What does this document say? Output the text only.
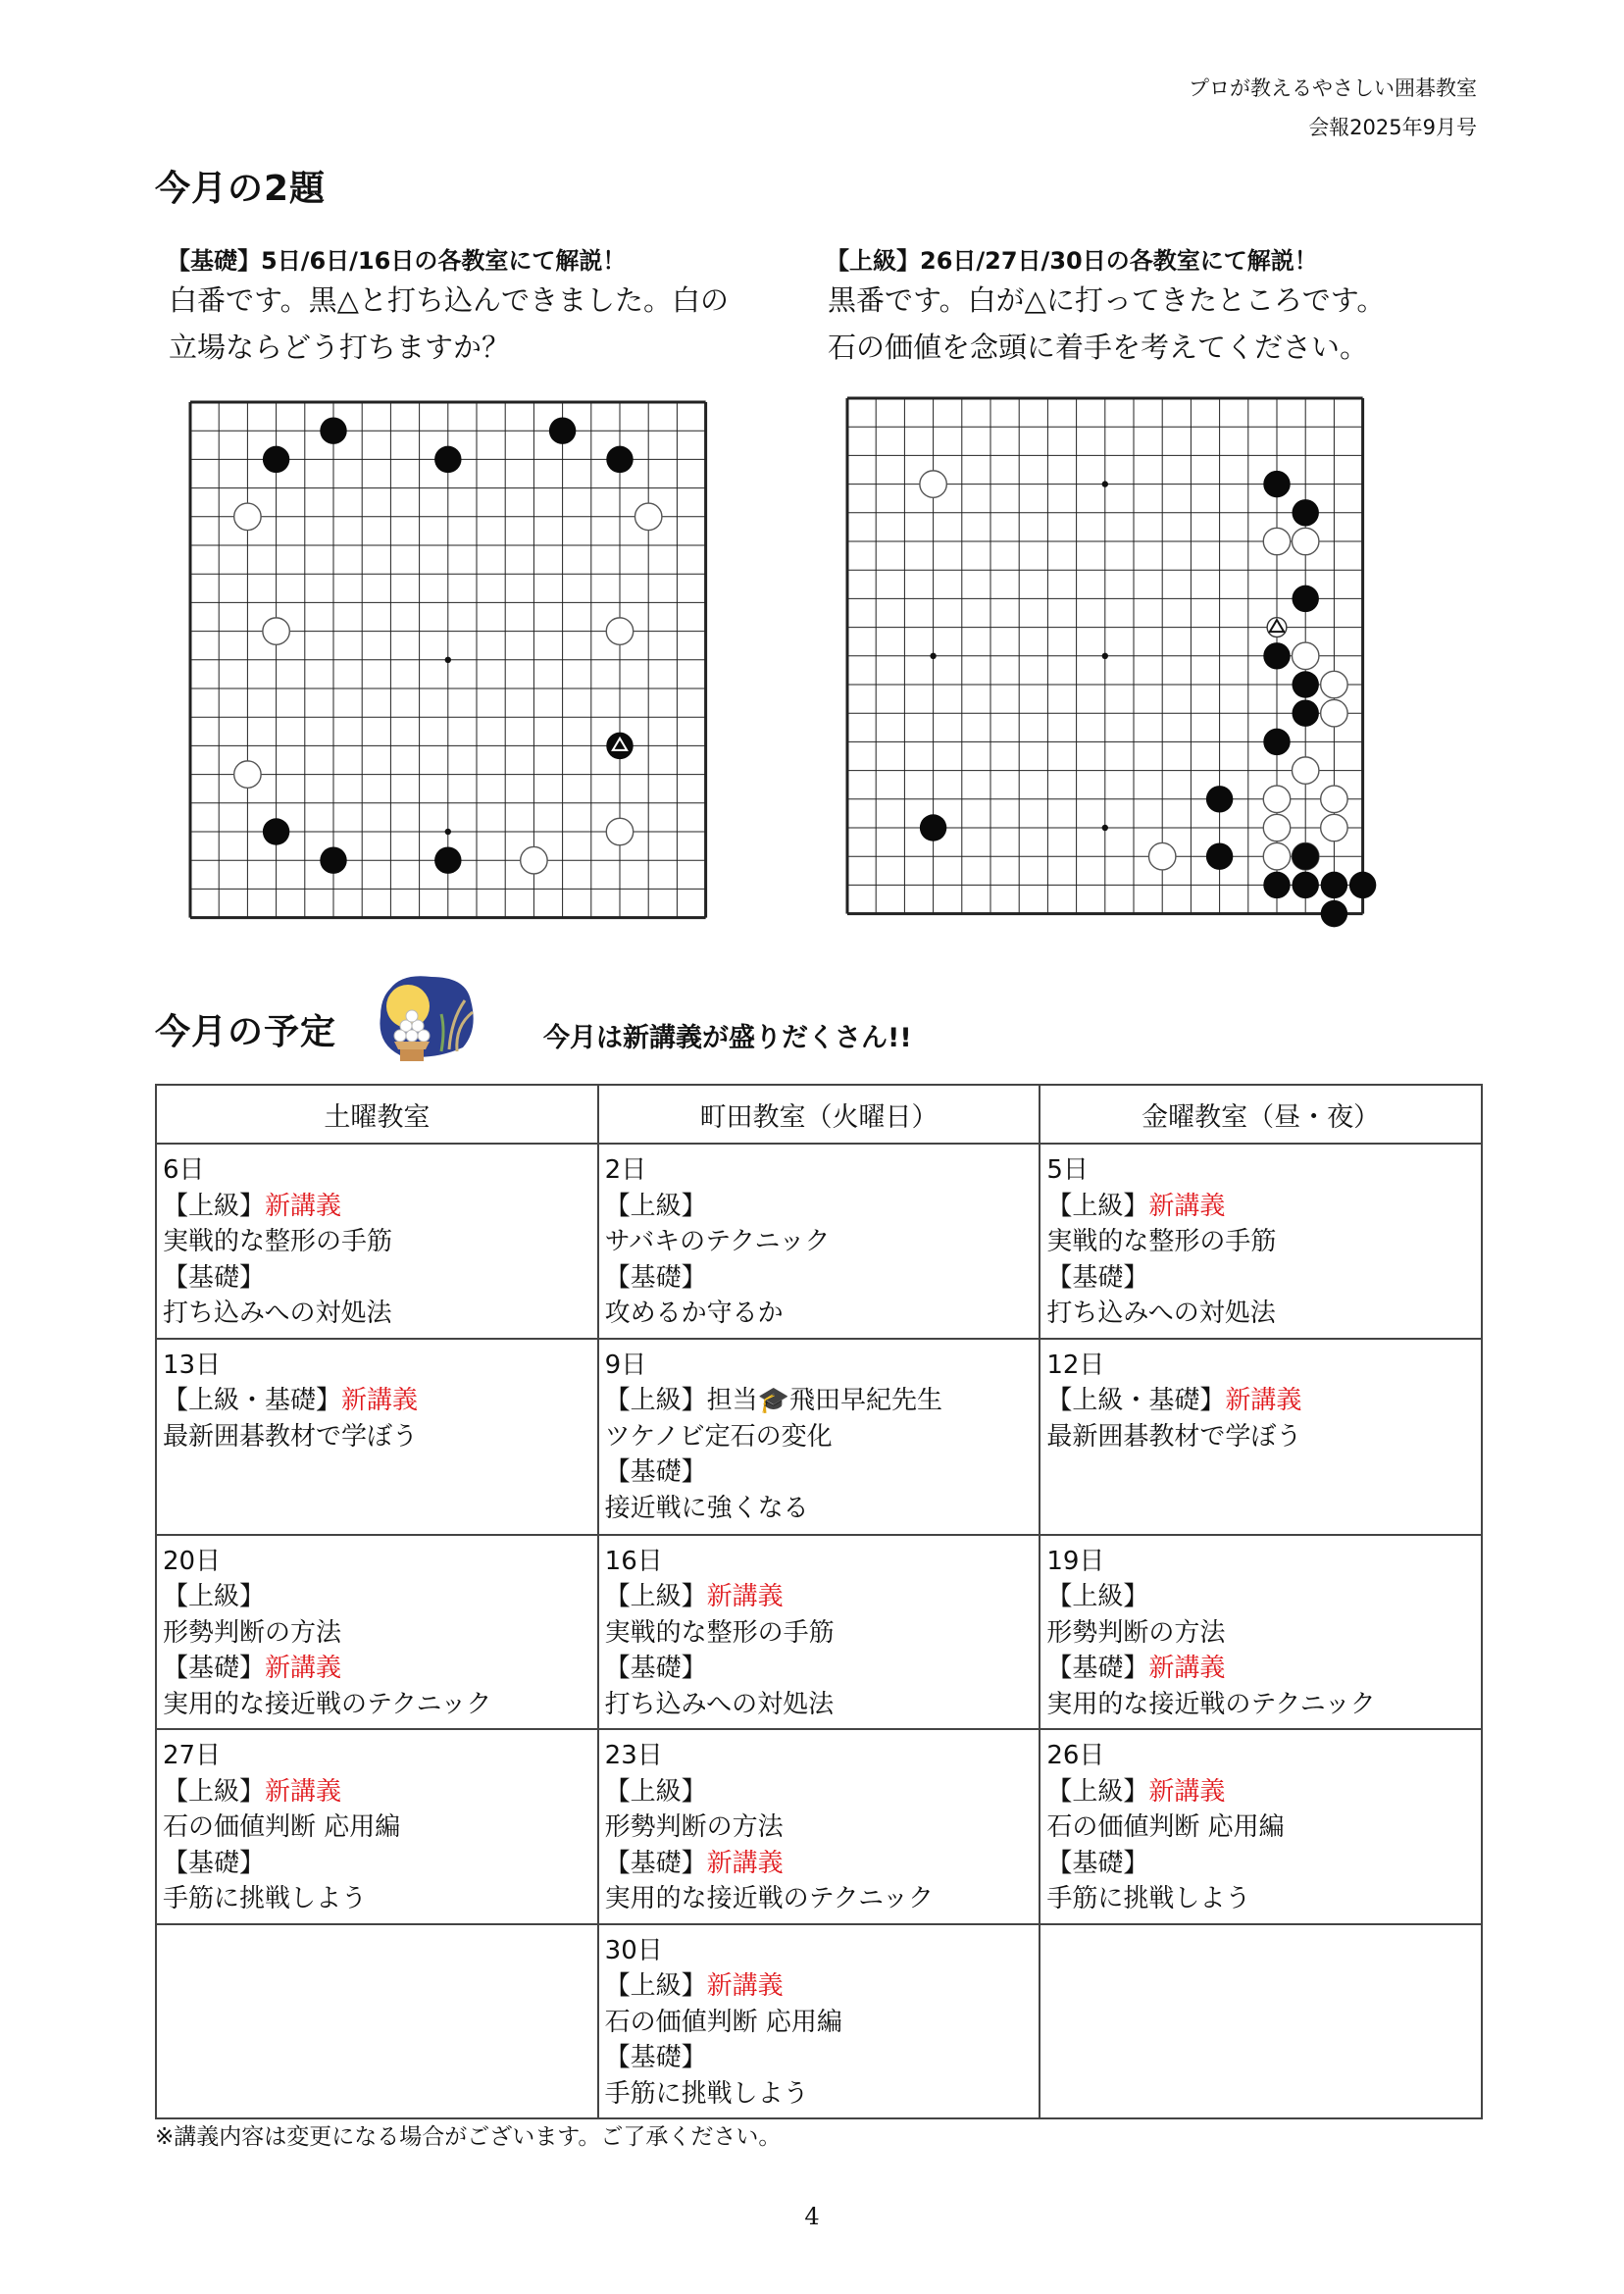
プロが教えるやさしい囲碁教室
会報2025年9月号
今月の2題
【基礎】5日/6日/16日の各教室にて解説！
白番です。黒△と打ち込んできました。白の
立場ならどう打ちますか？
【上級】26日/27日/30日の各教室にて解説！
黒番です。白が△に打ってきたところです。
石の価値を念頭に着手を考えてください。
今月の予定	今月は新講義が盛りだくさん!!
土曜教室	町田教室（火曜日）	金曜教室（昼・夜）

6日
【上級】新講義
実戦的な整形の手筋
【基礎】
打ち込みへの対処法	2日
【上級】
サバキのテクニック
【基礎】
攻めるか守るか	5日
【上級】新講義
実戦的な整形の手筋
【基礎】
打ち込みへの対処法

13日
【上級・基礎】新講義
最新囲碁教材で学ぼう	9日
【上級】担当🎓飛田早紀先生
ツケノビ定石の変化
【基礎】
接近戦に強くなる	12日
【上級・基礎】新講義
最新囲碁教材で学ぼう

20日
【上級】
形勢判断の方法
【基礎】新講義
実用的な接近戦のテクニック	16日
【上級】新講義
実戦的な整形の手筋
【基礎】
打ち込みへの対処法	19日
【上級】
形勢判断の方法
【基礎】新講義
実用的な接近戦のテクニック

27日
【上級】新講義
石の価値判断 応用編
【基礎】
手筋に挑戦しよう	23日
【上級】
形勢判断の方法
【基礎】新講義
実用的な接近戦のテクニック	26日
【上級】新講義
石の価値判断 応用編
【基礎】
手筋に挑戦しよう

	30日
【上級】新講義
石の価値判断 応用編
【基礎】
手筋に挑戦しよう	

※講義内容は変更になる場合がございます。ご了承ください。
4
